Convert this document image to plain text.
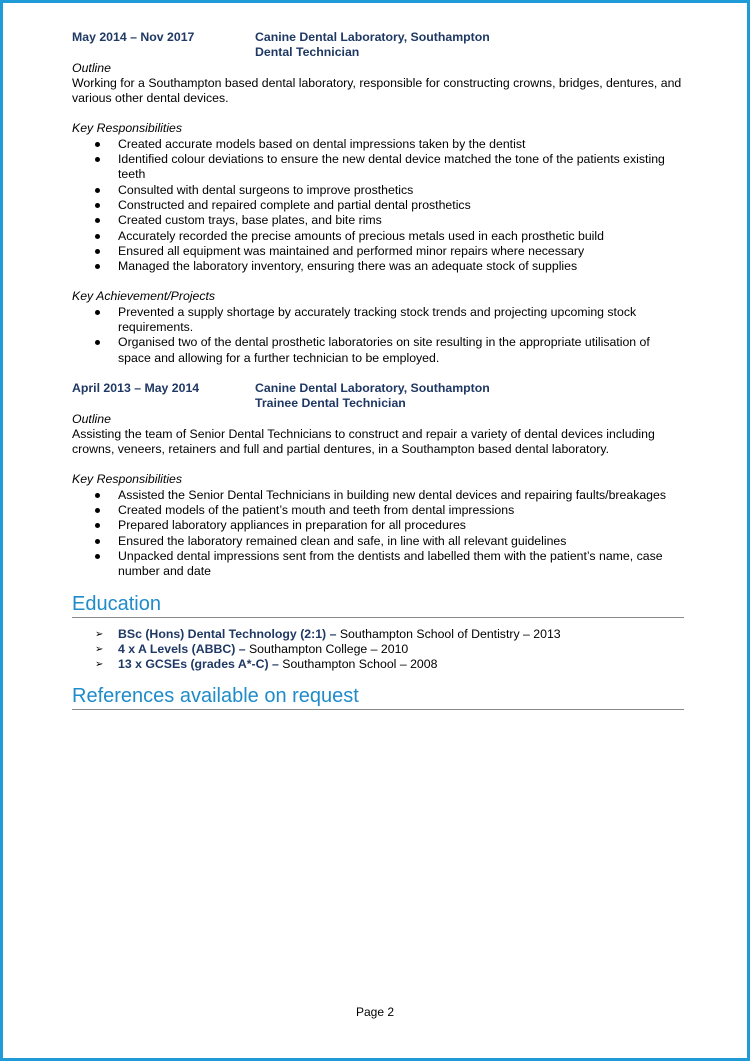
May 2014 – Nov 2017	Canine Dental Laboratory, Southampton
Dental Technician
Outline

Working for a Southampton based dental laboratory, responsible for constructing crowns, bridges, dentures, and various other dental devices.

Key Responsibilities
Created accurate models based on dental impressions taken by the dentist
Identified colour deviations to ensure the new dental device matched the tone of the patients existing teeth
Consulted with dental surgeons to improve prosthetics
Constructed and repaired complete and partial dental prosthetics
Created custom trays, base plates, and bite rims
Accurately recorded the precise amounts of precious metals used in each prosthetic build
Ensured all equipment was maintained and performed minor repairs where necessary
Managed the laboratory inventory, ensuring there was an adequate stock of supplies
Key Achievement/Projects
Prevented a supply shortage by accurately tracking stock trends and projecting upcoming stock requirements.
Organised two of the dental prosthetic laboratories on site resulting in the appropriate utilisation of space and allowing for a further technician to be employed.
April 2013 – May 2014	Canine Dental Laboratory, Southampton
Trainee Dental Technician
Outline

Assisting the team of Senior Dental Technicians to construct and repair a variety of dental devices including crowns, veneers, retainers and full and partial dentures, in a Southampton based dental laboratory.

Key Responsibilities
Assisted the Senior Dental Technicians in building new dental devices and repairing faults/breakages
Created models of the patient’s mouth and teeth from dental impressions
Prepared laboratory appliances in preparation for all procedures
Ensured the laboratory remained clean and safe, in line with all relevant guidelines
Unpacked dental impressions sent from the dentists and labelled them with the patient’s name, case number and date
Education
➢ BSc (Hons) Dental Technology (2:1) – Southampton School of Dentistry – 2013
➢ 4 x A Levels (ABBC) – Southampton College – 2010
➢ 13 x GCSEs (grades A*-C) – Southampton School – 2008
References available on request
Page 2
